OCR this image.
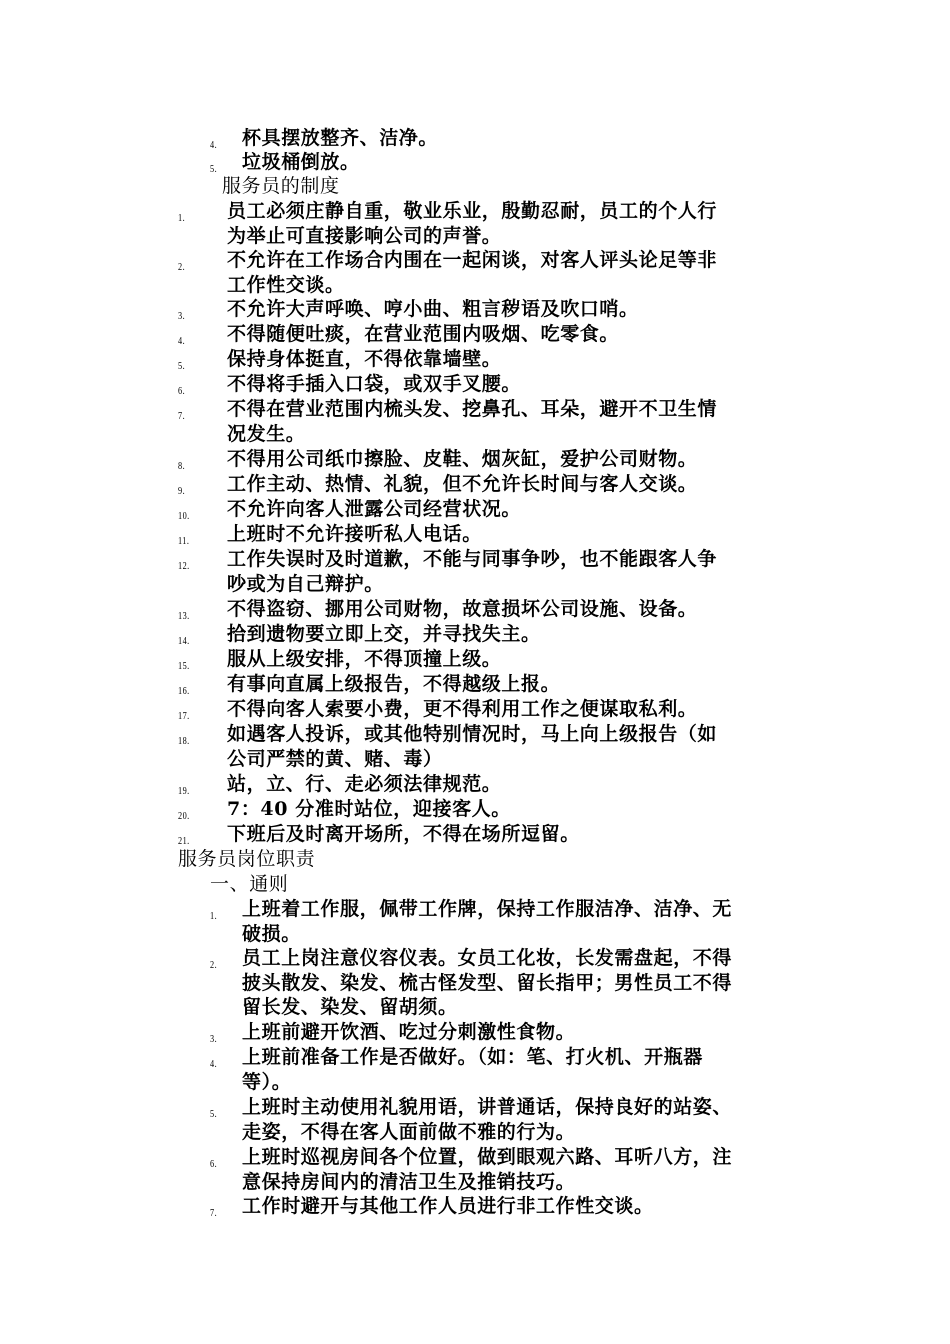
4. 杯具摆放整齐、洁净。
5. 垃圾桶倒放。
服务员的制度
1. 员工必须庄静自重，敬业乐业，殷勤忍耐，员工的个人行
为举止可直接影响公司的声誉。
2. 不允许在工作场合内围在一起闲谈，对客人评头论足等非
工作性交谈。
3. 不允许大声呼唤、哼小曲、粗言秽语及吹口哨。
4. 不得随便吐痰，在营业范围内吸烟、吃零食。
5. 保持身体挺直，不得依靠墙壁。
6. 不得将手插入口袋，或双手叉腰。
7. 不得在营业范围内梳头发、挖鼻孔、耳朵，避开不卫生情
况发生。
8. 不得用公司纸巾擦脸、皮鞋、烟灰缸，爱护公司财物。
9. 工作主动、热情、礼貌，但不允许长时间与客人交谈。
10. 不允许向客人泄露公司经营状况。
11. 上班时不允许接听私人电话。
12. 工作失误时及时道歉，不能与同事争吵，也不能跟客人争
吵或为自己辩护。
13. 不得盗窃、挪用公司财物，故意损坏公司设施、设备。
14. 拾到遗物要立即上交，并寻找失主。
15. 服从上级安排，不得顶撞上级。
16. 有事向直属上级报告，不得越级上报。
17. 不得向客人索要小费，更不得利用工作之便谋取私利。
18. 如遇客人投诉，或其他特别情况时，马上向上级报告（如
公司严禁的黄、赌、毒）
19. 站，立、行、走必须法律规范。
20. 7：40 分准时站位，迎接客人。
21. 下班后及时离开场所，不得在场所逗留。
服务员岗位职责
一、通则
1. 上班着工作服，佩带工作牌，保持工作服洁净、洁净、无
破损。
2. 员工上岗注意仪容仪表。女员工化妆，长发需盘起，不得
披头散发、染发、梳古怪发型、留长指甲；男性员工不得
留长发、染发、留胡须。
3. 上班前避开饮酒、吃过分刺激性食物。
4. 上班前准备工作是否做好。（如：笔、打火机、开瓶器
等）。
5. 上班时主动使用礼貌用语，讲普通话，保持良好的站姿、
走姿，不得在客人面前做不雅的行为。
6. 上班时巡视房间各个位置，做到眼观六路、耳听八方，注
意保持房间内的清洁卫生及推销技巧。
7. 工作时避开与其他工作人员进行非工作性交谈。
